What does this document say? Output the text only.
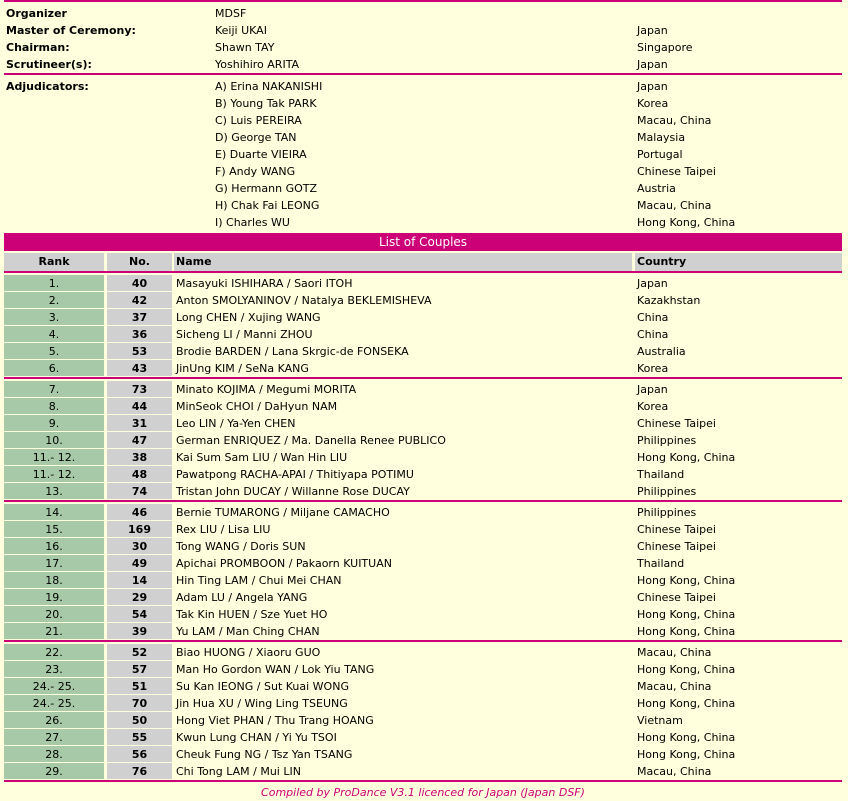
Organizer	MDSF
Master of Ceremony:	Keiji UKAI	Japan
Chairman:	Shawn TAY	Singapore
Scrutineer(s):	Yoshihiro ARITA	Japan
Adjudicators:	A) Erina NAKANISHI	Japan
B) Young Tak PARK	Korea
C) Luis PEREIRA	Macau, China
D) George TAN	Malaysia
E) Duarte VIEIRA	Portugal
F) Andy WANG	Chinese Taipei
G) Hermann GOTZ	Austria
H) Chak Fai LEONG	Macau, China
I) Charles WU	Hong Kong, China
List of Couples
Rank	No.	Name	Country
1.	40	Masayuki ISHIHARA / Saori ITOH	Japan
2.	42	Anton SMOLYANINOV / Natalya BEKLEMISHEVA	Kazakhstan
3.	37	Long CHEN / Xujing WANG	China
4.	36	Sicheng LI / Manni ZHOU	China
5.	53	Brodie BARDEN / Lana Skrgic-de FONSEKA	Australia
6.	43	JinUng KIM / SeNa KANG	Korea
7.	73	Minato KOJIMA / Megumi MORITA	Japan
8.	44	MinSeok CHOI / DaHyun NAM	Korea
9.	31	Leo LIN / Ya-Yen CHEN	Chinese Taipei
10.	47	German ENRIQUEZ / Ma. Danella Renee PUBLICO	Philippines
11.- 12.	38	Kai Sum Sam LIU / Wan Hin LIU	Hong Kong, China
11.- 12.	48	Pawatpong RACHA-APAI / Thitiyapa POTIMU	Thailand
13.	74	Tristan John DUCAY / Willanne Rose DUCAY	Philippines
14.	46	Bernie TUMARONG / Miljane CAMACHO	Philippines
15.	169	Rex LIU / Lisa LIU	Chinese Taipei
16.	30	Tong WANG / Doris SUN	Chinese Taipei
17.	49	Apichai PROMBOON / Pakaorn KUITUAN	Thailand
18.	14	Hin Ting LAM / Chui Mei CHAN	Hong Kong, China
19.	29	Adam LU / Angela YANG	Chinese Taipei
20.	54	Tak Kin HUEN / Sze Yuet HO	Hong Kong, China
21.	39	Yu LAM / Man Ching CHAN	Hong Kong, China
22.	52	Biao HUONG / Xiaoru GUO	Macau, China
23.	57	Man Ho Gordon WAN / Lok Yiu TANG	Hong Kong, China
24.- 25.	51	Su Kan IEONG / Sut Kuai WONG	Macau, China
24.- 25.	70	Jin Hua XU / Wing Ling TSEUNG	Hong Kong, China
26.	50	Hong Viet PHAN / Thu Trang HOANG	Vietnam
27.	55	Kwun Lung CHAN / Yi Yu TSOI	Hong Kong, China
28.	56	Cheuk Fung NG / Tsz Yan TSANG	Hong Kong, China
29.	76	Chi Tong LAM / Mui LIN	Macau, China
Compiled by ProDance V3.1 licenced for Japan (Japan DSF)
